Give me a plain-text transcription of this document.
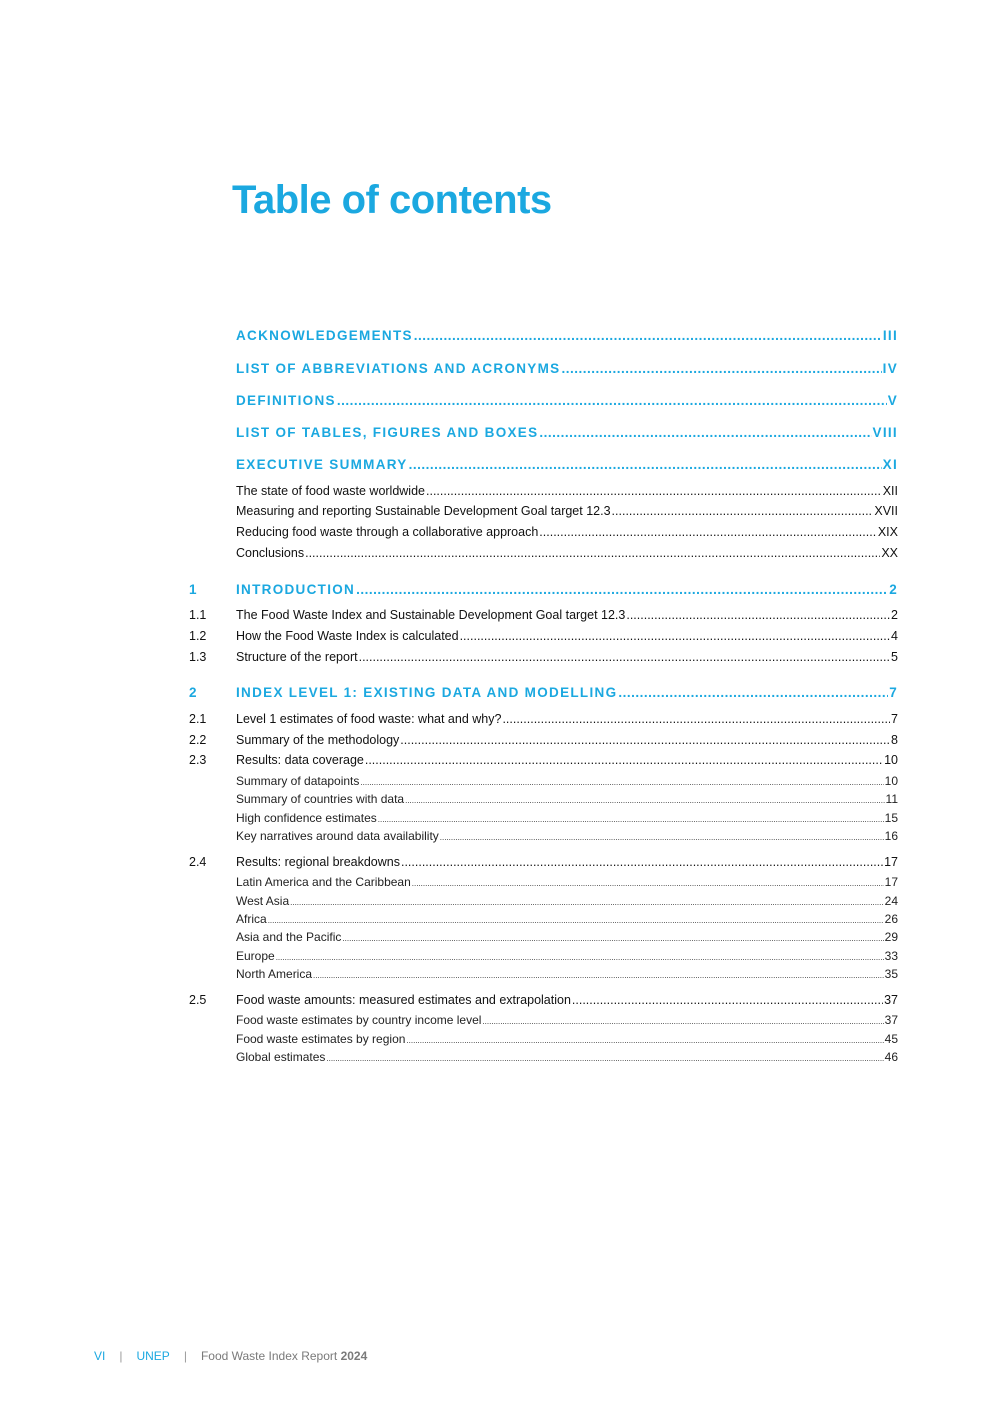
Table of contents
ACKNOWLEDGEMENTS .....	III
LIST OF ABBREVIATIONS AND ACRONYMS .....	IV
DEFINITIONS .....	V
LIST OF TABLES, FIGURES AND BOXES .....	VIII
EXECUTIVE SUMMARY .....	XI
The state of food waste worldwide .....	XII
Measuring and reporting Sustainable Development Goal target 12.3 .....	XVII
Reducing food waste through a collaborative approach .....	XIX
Conclusions .....	XX
1	INTRODUCTION .....	2
1.1 The Food Waste Index and Sustainable Development Goal target 12.3 .....	2
1.2 How the Food Waste Index is calculated .....	4
1.3 Structure of the report .....	5
2	INDEX LEVEL 1: EXISTING DATA AND MODELLING .....	7
2.1 Level 1 estimates of food waste: what and why? .....	7
2.2 Summary of the methodology .....	8
2.3 Results: data coverage .....	10
Summary of datapoints .....	10
Summary of countries with data .....	11
High confidence estimates .....	15
Key narratives around data availability .....	16
2.4 Results: regional breakdowns .....	17
Latin America and the Caribbean .....	17
West Asia .....	24
Africa .....	26
Asia and the Pacific .....	29
Europe .....	33
North America .....	35
2.5 Food waste amounts: measured estimates and extrapolation .....	37
Food waste estimates by country income level .....	37
Food waste estimates by region .....	45
Global estimates .....	46
VI | UNEP | Food Waste Index Report 2024
